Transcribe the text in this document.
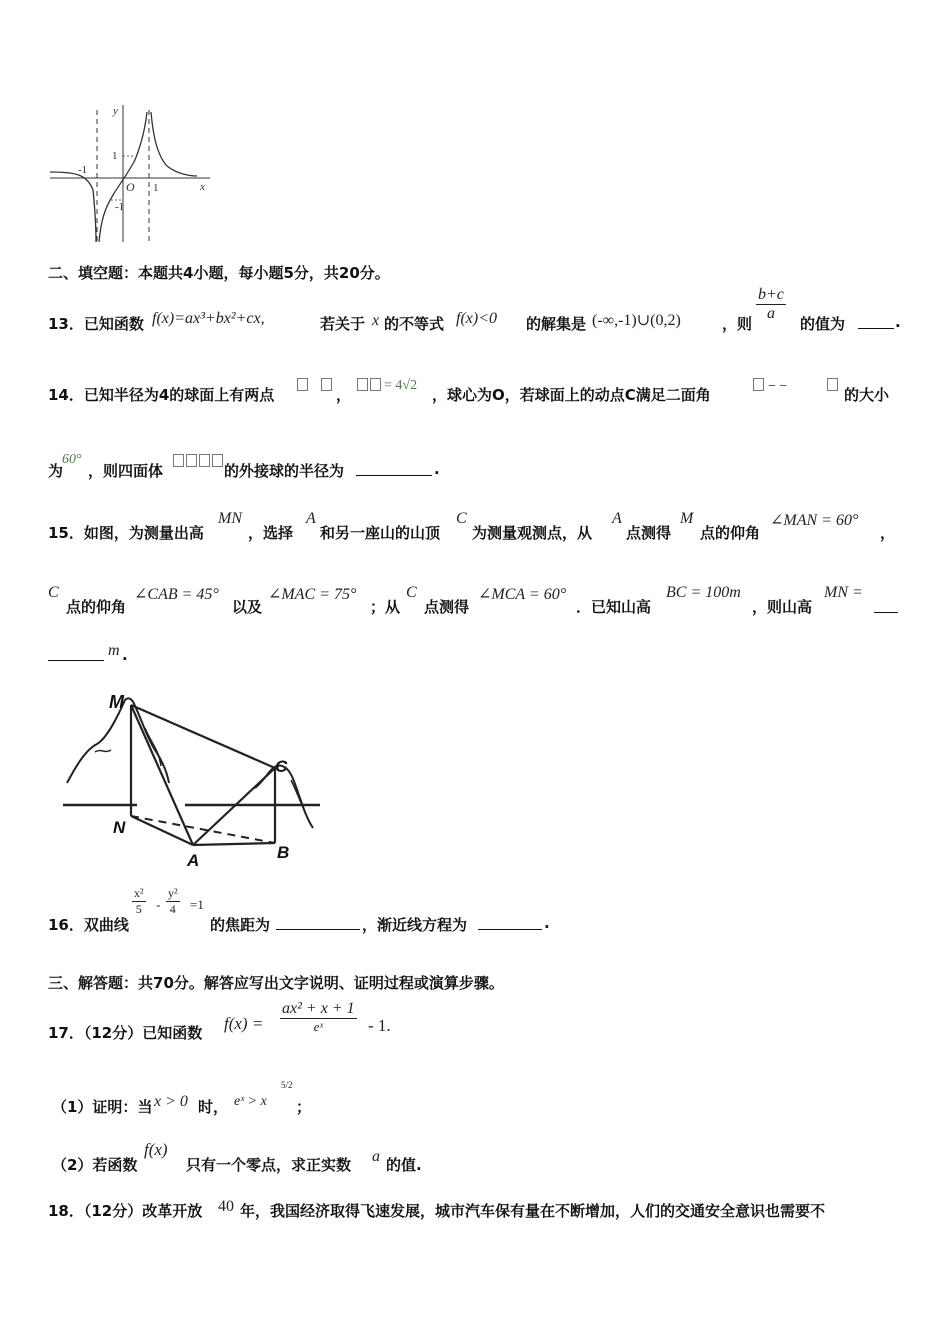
y
x
O
1
-1
-1
1
二、填空题：本题共4小题，每小题5分，共20分。
13．已知函数 f(x)=ax³+bx²+cx,	若关于 x 的不等式 f(x)<0 的解集是 (-∞,-1)∪(0,2)	，则
$\frac{b+c}{a}$
的值为	.
14．已知半径为4的球面上有两点	，
= 4√2
，球心为O，若球面上的动点C满足二面角	− −	的大小
为
60°
，则四面体	的外接球的半径为	.
15．如图，为测量出高
MN
，选择
A
和另一座山的山顶
C
为测量观测点，从
A
点测得
M
点的仰角
∠MAN = 60°
，
C
点的仰角
∠CAB = 45°
以及
∠MAC = 75°
；从
C
点测得
∠MCA = 60°
．已知山高
BC = 100m
，则山高
MN =
m .
M
N
A	B
C
16．双曲线
$\frac{\text{x²}}{5} - \frac{\text{y²}}{4} =1$
的焦距为	，渐近线方程为	.
三、解答题：共70分。解答应写出文字说明、证明过程或演算步骤。
17．（12分）已知函数 f(x) =
ax² + x + 1
eˣ	- 1.
（1）证明：当 x > 0 时， eˣ > x
5/2
；
（2）若函数
f(x)
只有一个零点，求正实数 a 的值.
18．（12分）改革开放 40 年，我国经济取得飞速发展，城市汽车保有量在不断增加，人们的交通安全意识也需要不
